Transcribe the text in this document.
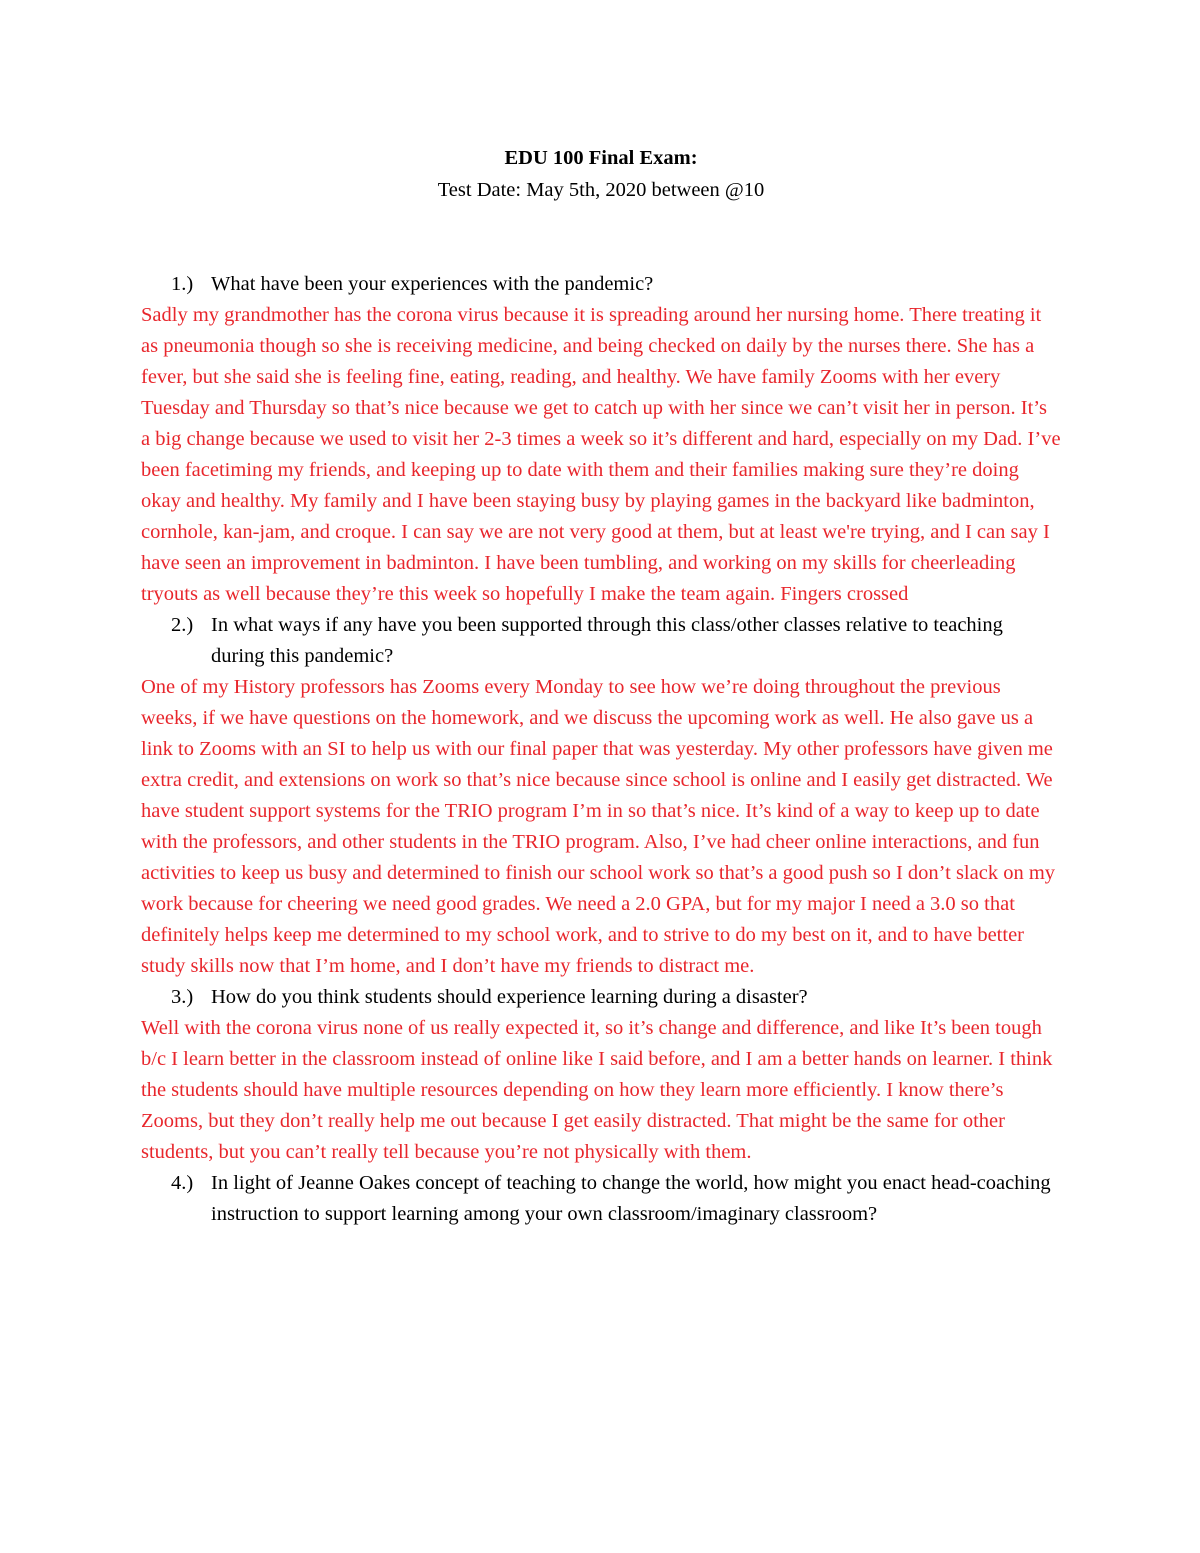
EDU 100 Final Exam:

Test Date: May 5th, 2020 between @10

1.) What have been your experiences with the pandemic?

Sadly my grandmother has the corona virus because it is spreading around her nursing home. There treating it as pneumonia though so she is receiving medicine, and being checked on daily by the nurses there. She has a fever, but she said she is feeling fine, eating, reading, and healthy. We have family Zooms with her every Tuesday and Thursday so that’s nice because we get to catch up with her since we can’t visit her in person. It’s a big change because we used to visit her 2-3 times a week so it’s different and hard, especially on my Dad. I’ve been facetiming my friends, and keeping up to date with them and their families making sure they’re doing okay and healthy. My family and I have been staying busy by playing games in the backyard like badminton, cornhole, kan-jam, and croque. I can say we are not very good at them, but at least we're trying, and I can say I have seen an improvement in badminton. I have been tumbling, and working on my skills for cheerleading tryouts as well because they’re this week so hopefully I make the team again. Fingers crossed

2.) In what ways if any have you been supported through this class/other classes relative to teaching during this pandemic?

One of my History professors has Zooms every Monday to see how we’re doing throughout the previous weeks, if we have questions on the homework, and we discuss the upcoming work as well. He also gave us a link to Zooms with an SI to help us with our final paper that was yesterday. My other professors have given me extra credit, and extensions on work so that’s nice because since school is online and I easily get distracted. We have student support systems for the TRIO program I’m in so that’s nice. It’s kind of a way to keep up to date with the professors, and other students in the TRIO program. Also, I’ve had cheer online interactions, and fun activities to keep us busy and determined to finish our school work so that’s a good push so I don’t slack on my work because for cheering we need good grades. We need a 2.0 GPA, but for my major I need a 3.0 so that definitely helps keep me determined to my school work, and to strive to do my best on it, and to have better study skills now that I’m home, and I don’t have my friends to distract me.

3.) How do you think students should experience learning during a disaster?

Well with the corona virus none of us really expected it, so it’s change and difference, and like It’s been tough b/c I learn better in the classroom instead of online like I said before, and I am a better hands on learner. I think the students should have multiple resources depending on how they learn more efficiently. I know there’s Zooms, but they don’t really help me out because I get easily distracted. That might be the same for other students, but you can’t really tell because you’re not physically with them.

4.) In light of Jeanne Oakes concept of teaching to change the world, how might you enact head-coaching instruction to support learning among your own classroom/imaginary classroom?
